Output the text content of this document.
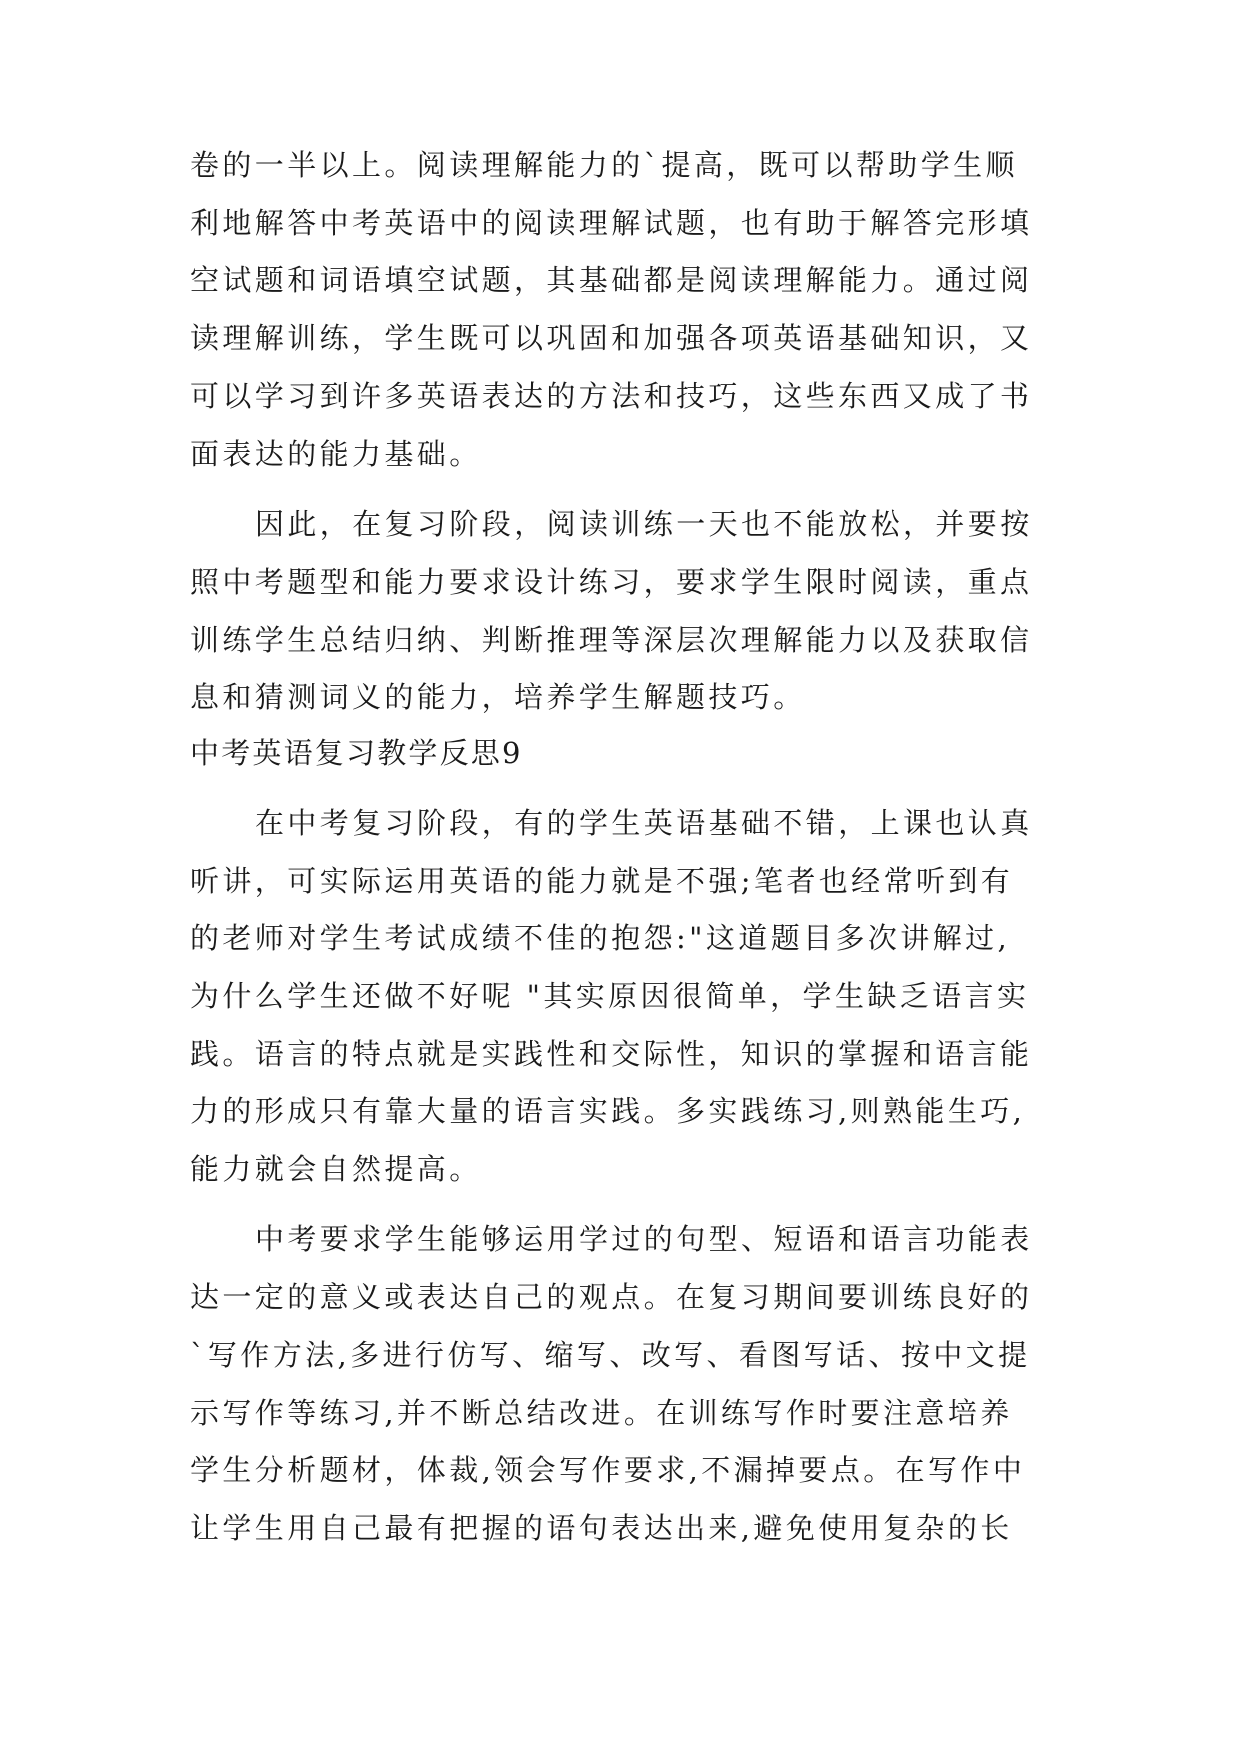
卷的一半以上。阅读理解能力的`提高，既可以帮助学生顺
利地解答中考英语中的阅读理解试题，也有助于解答完形填
空试题和词语填空试题，其基础都是阅读理解能力。通过阅
读理解训练，学生既可以巩固和加强各项英语基础知识，又
可以学习到许多英语表达的方法和技巧，这些东西又成了书
面表达的能力基础。
因此，在复习阶段，阅读训练一天也不能放松，并要按
照中考题型和能力要求设计练习，要求学生限时阅读，重点
训练学生总结归纳、判断推理等深层次理解能力以及获取信
息和猜测词义的能力，培养学生解题技巧。
中考英语复习教学反思9
在中考复习阶段，有的学生英语基础不错，上课也认真
听讲，可实际运用英语的能力就是不强;笔者也经常听到有
的老师对学生考试成绩不佳的抱怨:"这道题目多次讲解过,
为什么学生还做不好呢 "其实原因很简单，学生缺乏语言实
践。语言的特点就是实践性和交际性，知识的掌握和语言能
力的形成只有靠大量的语言实践。多实践练习,则熟能生巧,
能力就会自然提高。
中考要求学生能够运用学过的句型、短语和语言功能表
达一定的意义或表达自己的观点。在复习期间要训练良好的
`写作方法,多进行仿写、缩写、改写、看图写话、按中文提
示写作等练习,并不断总结改进。在训练写作时要注意培养
学生分析题材，体裁,领会写作要求,不漏掉要点。在写作中
让学生用自己最有把握的语句表达出来,避免使用复杂的长
